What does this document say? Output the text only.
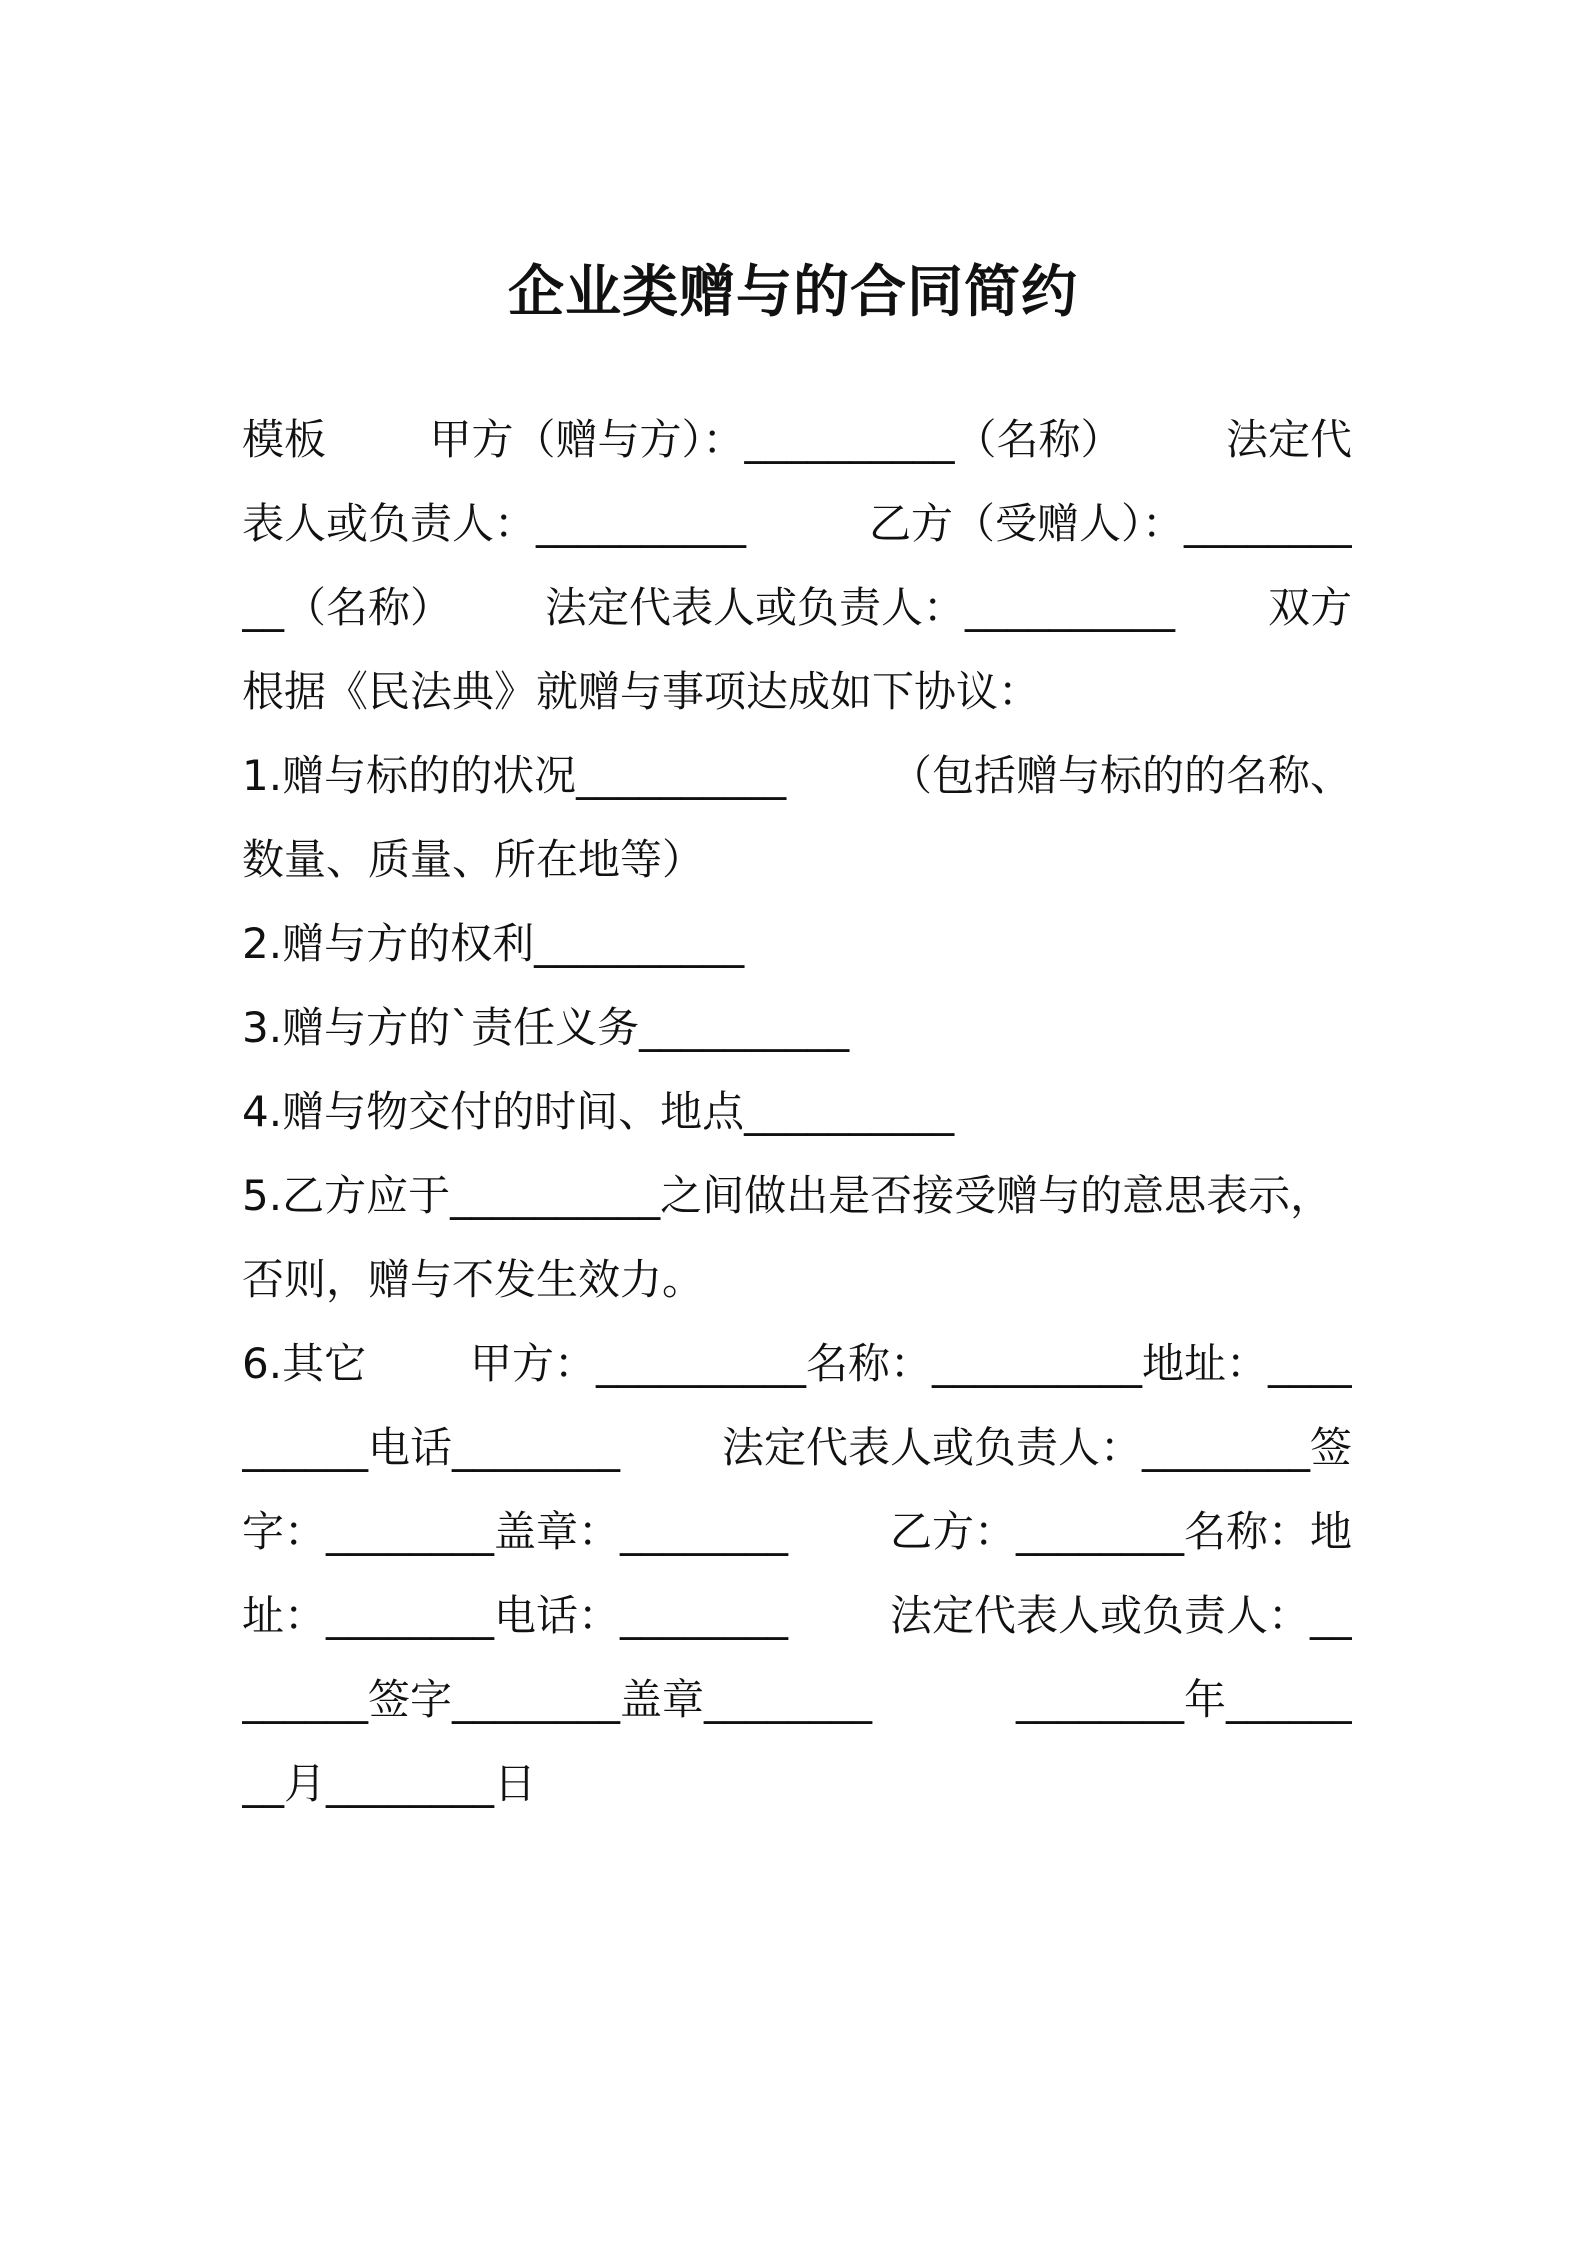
企业类赠与的合同简约
模板 甲方（赠与方）：__________（名称） 法定代
表人或负责人：__________	乙方（受赠人）：________
__（名称） 法定代表人或负责人：__________ 双方
根据《民法典》就赠与事项达成如下协议：
1.赠与标的的状况__________ （包括赠与标的的名称、
数量、质量、所在地等）
2.赠与方的权利__________
3.赠与方的`责任义务__________
4.赠与物交付的时间、地点__________
5.乙方应于__________之间做出是否接受赠与的意思表示，
否则，赠与不发生效力。
6.其它 甲方：__________名称：__________地址：____
______电话________ 法定代表人或负责人：________签
字：________盖章：________ 乙方：________名称：地
址：________电话：________ 法定代表人或负责人：__
______签字________盖章________	________年______
__月________日
